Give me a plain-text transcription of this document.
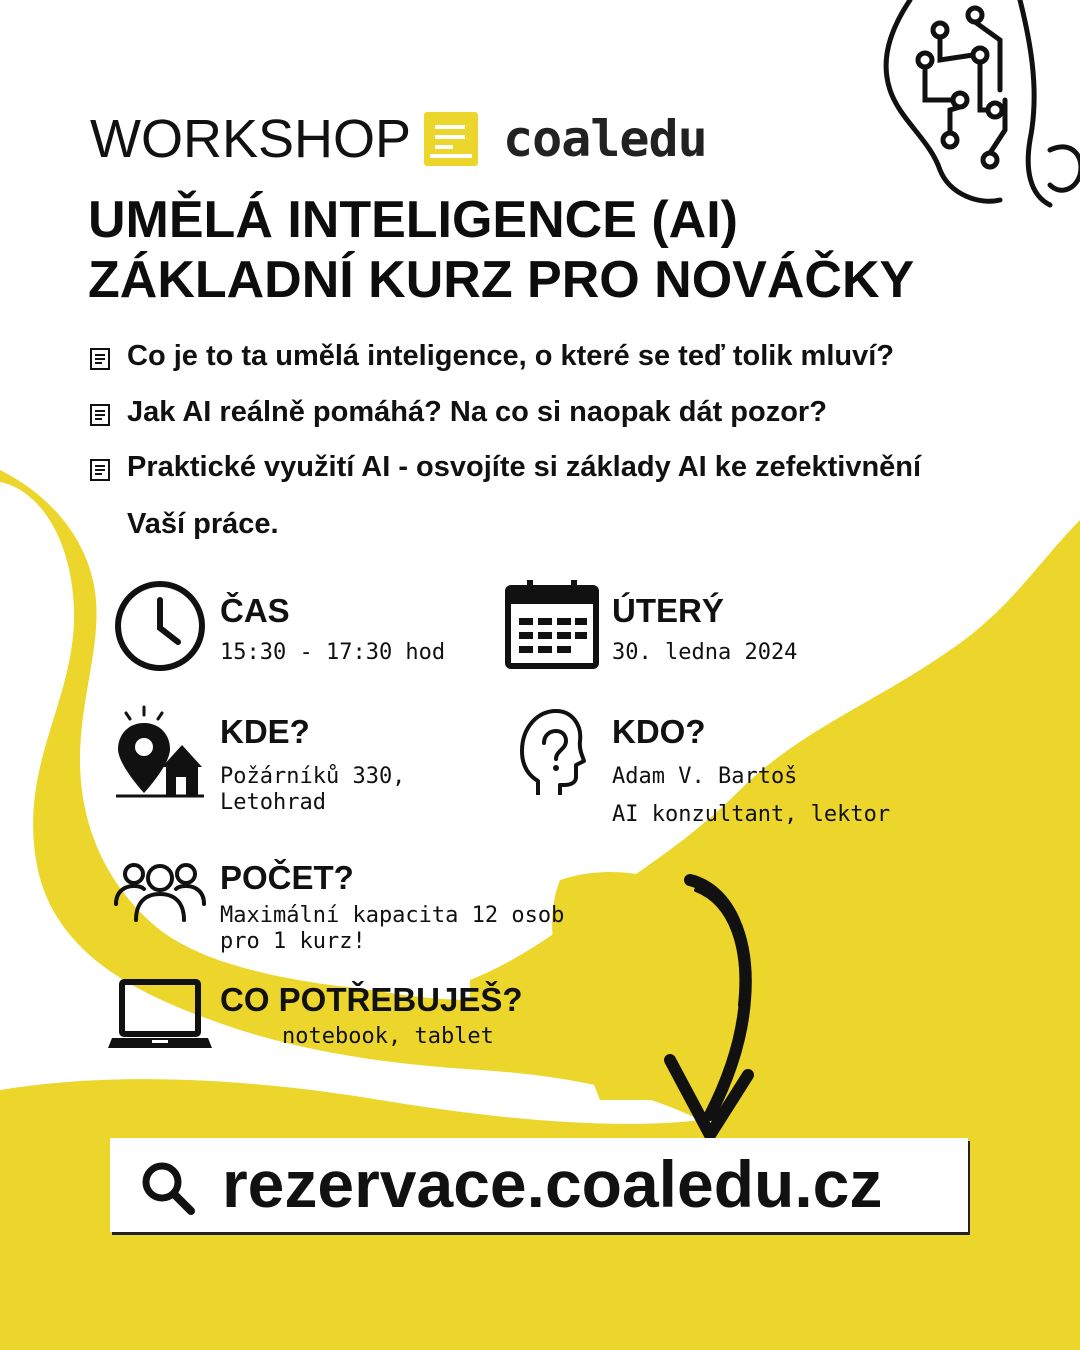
WORKSHOP coaledu
UMĚLÁ INTELIGENCE (AI)
ZÁKLADNÍ KURZ PRO NOVÁČKY
Co je to ta umělá inteligence, o které se teď tolik mluví?
Jak AI reálně pomáhá? Na co si naopak dát pozor?
Praktické využití AI - osvojíte si základy AI ke zefektivnění
Vaší práce.
ČAS
15:30 - 17:30 hod
ÚTERÝ
30. ledna 2024
KDE?
Požárníků 330,
Letohrad
KDO?
Adam V. Bartoš
AI konzultant, lektor
POČET?
Maximální kapacita 12 osob
pro 1 kurz!
CO POTŘEBUJEŠ?
notebook, tablet
rezervace.coaledu.cz
